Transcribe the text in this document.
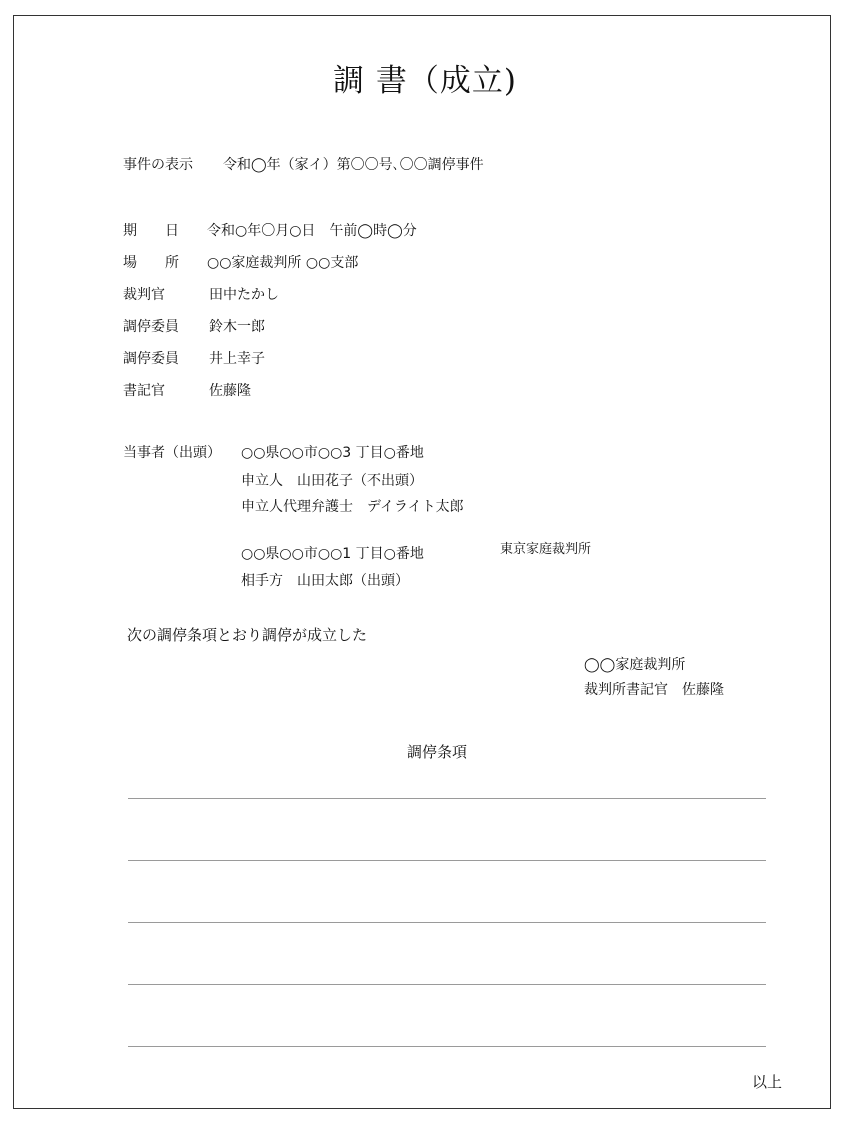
調 書（成立)
事件の表示 令和◯年（家イ）第〇〇号､〇〇調停事件
期　　日 令和○年〇月○日　午前◯時◯分
場　　所 ○○家庭裁判所 ○○支部
裁判官	田中たかし
調停委員 鈴木一郎
調停委員 井上幸子
書記官	佐藤隆
当事者（出頭） ○○県○○市○○3 丁目○番地
申立人　山田花子（不出頭）
申立人代理弁護士　デイライト太郎
○○県○○市○○1 丁目○番地	東京家庭裁判所
相手方　山田太郎（出頭）
次の調停条項とおり調停が成立した
◯◯家庭裁判所
裁判所書記官　佐藤隆
調停条項
以上
